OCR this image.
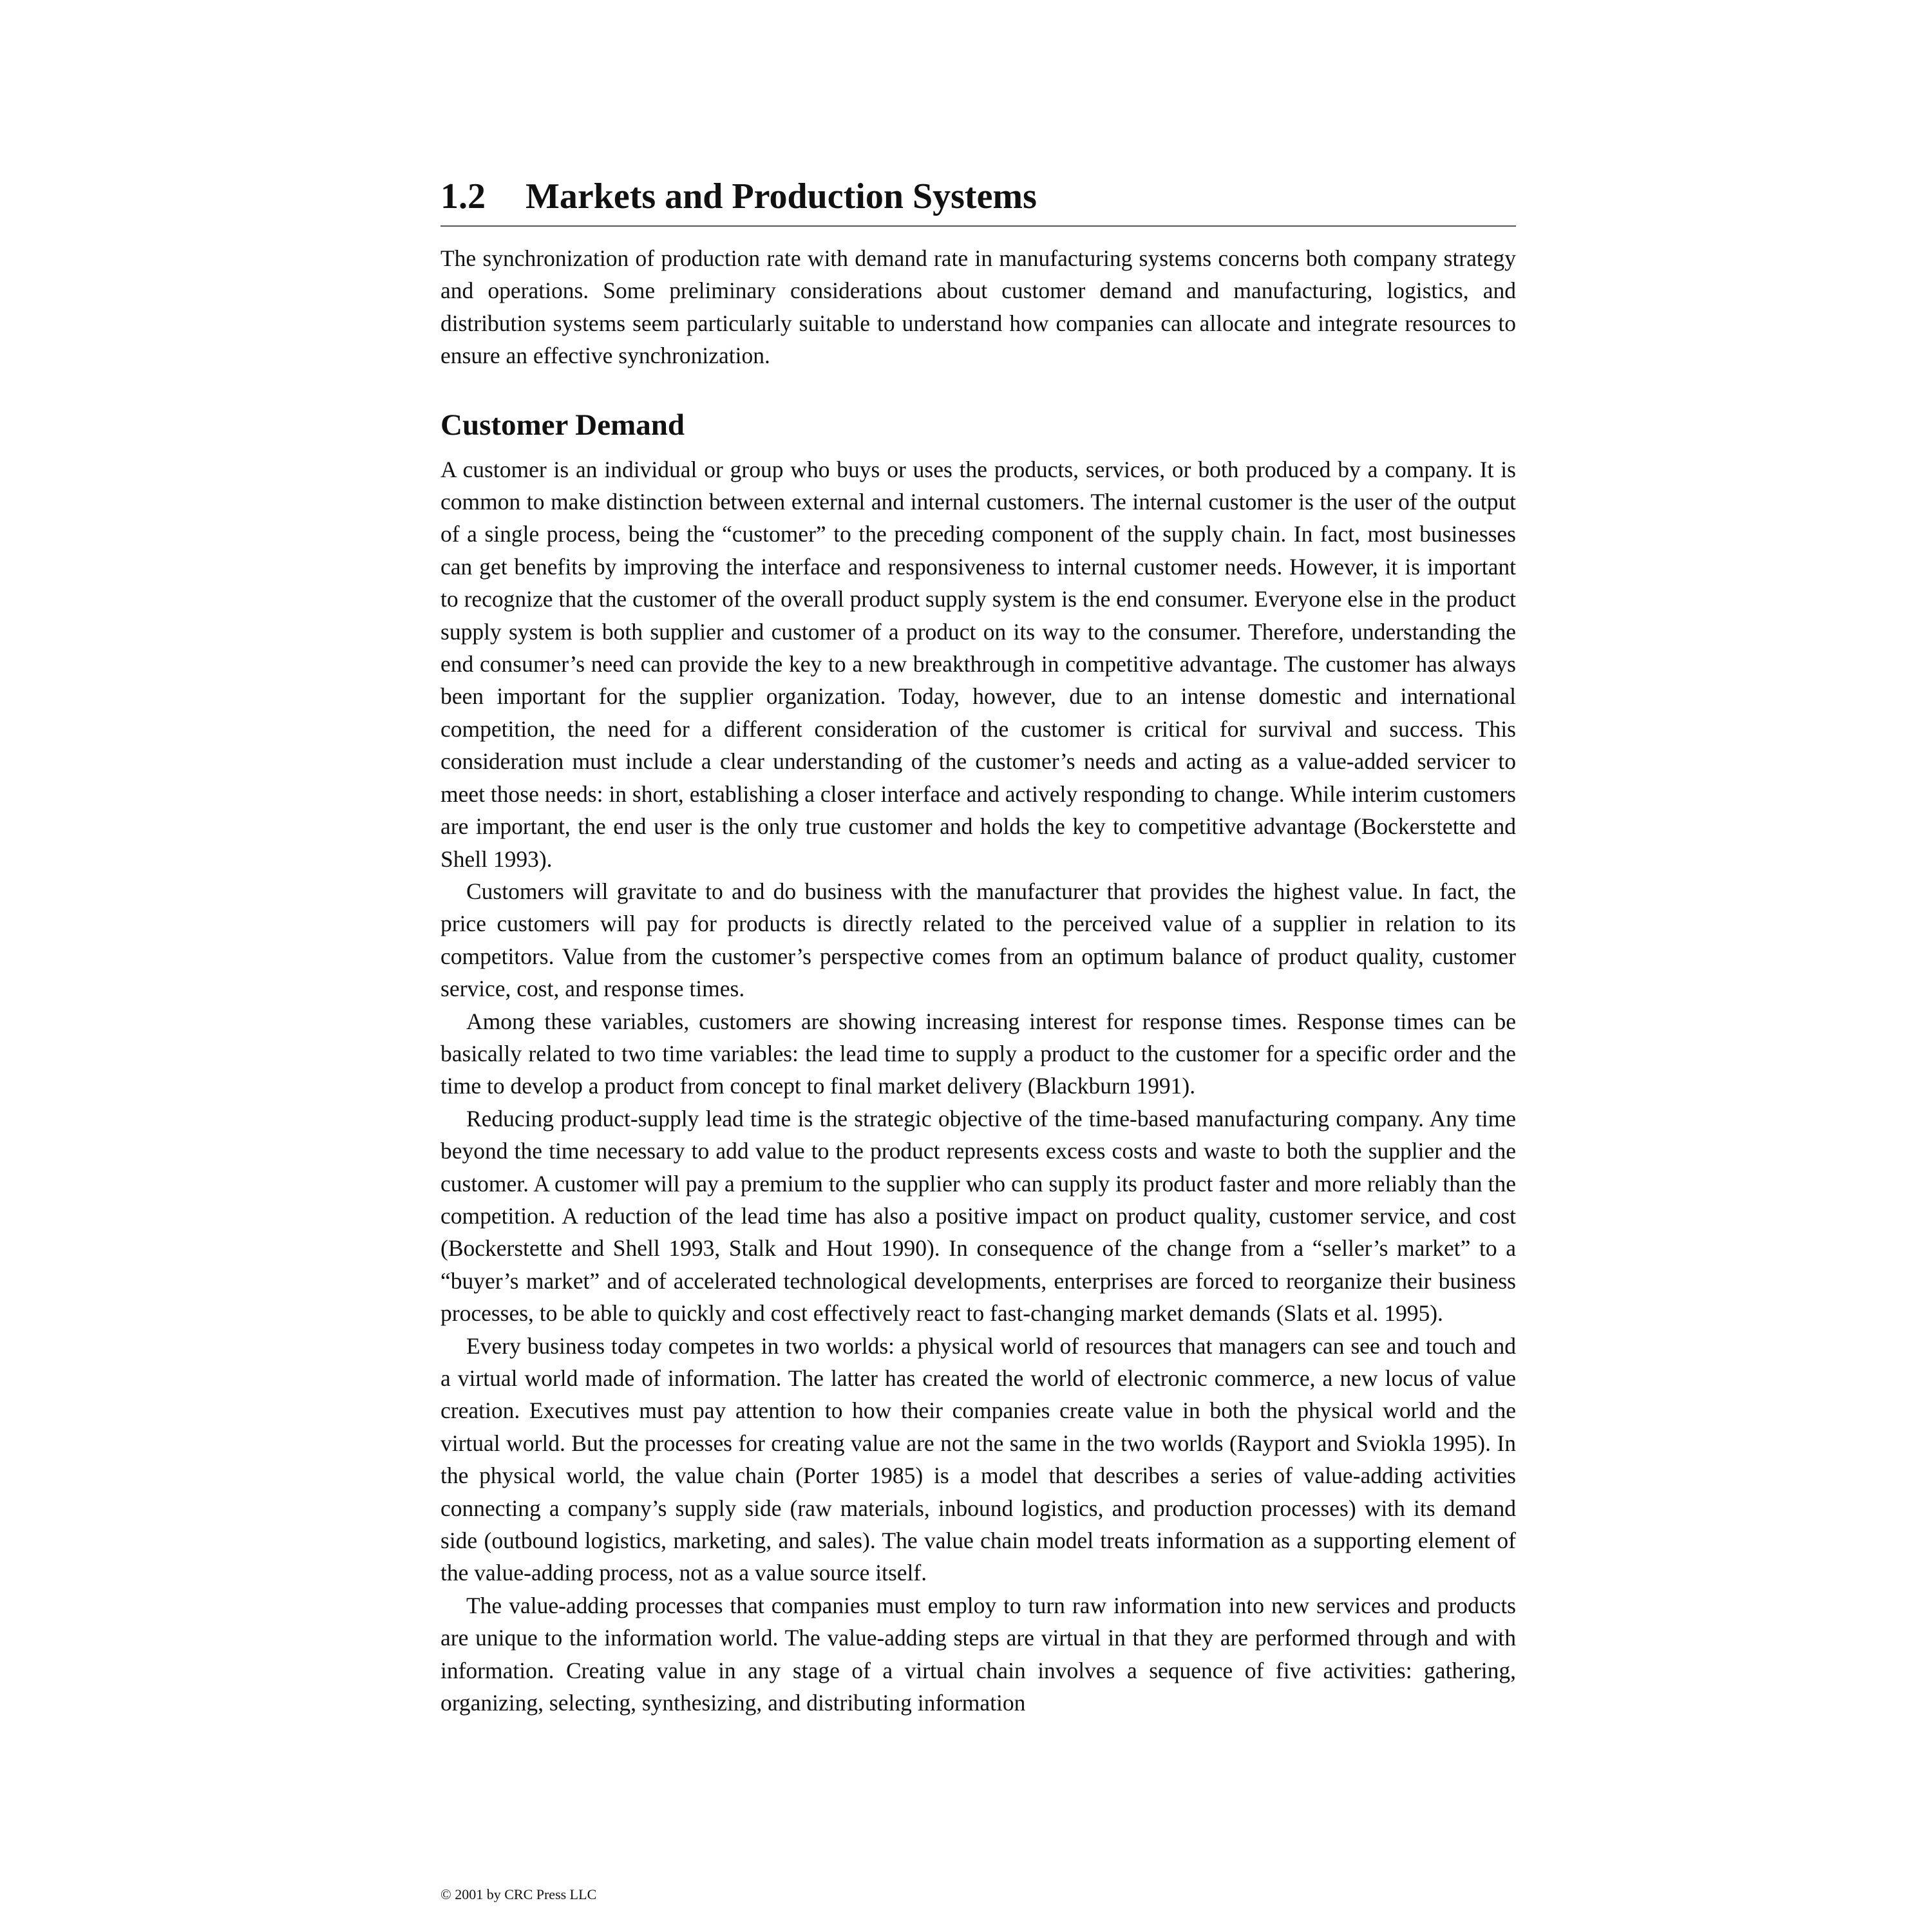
1.2	Markets and Production Systems

The synchronization of production rate with demand rate in manufacturing systems concerns both company strategy and operations. Some preliminary considerations about customer demand and manufacturing, logistics, and distribution systems seem particularly suitable to understand how companies can allocate and integrate resources to ensure an effective synchronization.

Customer Demand

A customer is an individual or group who buys or uses the products, services, or both produced by a company. It is common to make distinction between external and internal customers. The internal customer is the user of the output of a single process, being the “customer” to the preceding component of the supply chain. In fact, most businesses can get benefits by improving the interface and responsiveness to internal customer needs. However, it is important to recognize that the customer of the overall product supply system is the end consumer. Everyone else in the product supply system is both supplier and customer of a product on its way to the consumer. Therefore, understanding the end consumer’s need can provide the key to a new breakthrough in competitive advantage. The customer has always been important for the supplier organization. Today, however, due to an intense domestic and international competition, the need for a different consideration of the customer is critical for survival and success. This consideration must include a clear understanding of the customer’s needs and acting as a value-added servicer to meet those needs: in short, establishing a closer interface and actively responding to change. While interim customers are important, the end user is the only true customer and holds the key to competitive advantage (Bockerstette and Shell 1993).

Customers will gravitate to and do business with the manufacturer that provides the highest value. In fact, the price customers will pay for products is directly related to the perceived value of a supplier in relation to its competitors. Value from the customer’s perspective comes from an optimum balance of product quality, customer service, cost, and response times.

Among these variables, customers are showing increasing interest for response times. Response times can be basically related to two time variables: the lead time to supply a product to the customer for a specific order and the time to develop a product from concept to final market delivery (Blackburn 1991).

Reducing product-supply lead time is the strategic objective of the time-based manufacturing company. Any time beyond the time necessary to add value to the product represents excess costs and waste to both the supplier and the customer. A customer will pay a premium to the supplier who can supply its product faster and more reliably than the competition. A reduction of the lead time has also a positive impact on product quality, customer service, and cost (Bockerstette and Shell 1993, Stalk and Hout 1990). In consequence of the change from a “seller’s market” to a “buyer’s market” and of accelerated technological developments, enterprises are forced to reorganize their business processes, to be able to quickly and cost effectively react to fast-changing market demands (Slats et al. 1995).

Every business today competes in two worlds: a physical world of resources that managers can see and touch and a virtual world made of information. The latter has created the world of electronic commerce, a new locus of value creation. Executives must pay attention to how their companies create value in both the physical world and the virtual world. But the processes for creating value are not the same in the two worlds (Rayport and Sviokla 1995). In the physical world, the value chain (Porter 1985) is a model that describes a series of value-adding activities connecting a company’s supply side (raw materials, inbound logistics, and production processes) with its demand side (outbound logistics, marketing, and sales). The value chain model treats information as a supporting element of the value-adding process, not as a value source itself.

The value-adding processes that companies must employ to turn raw information into new services and products are unique to the information world. The value-adding steps are virtual in that they are performed through and with information. Creating value in any stage of a virtual chain involves a sequence of five activities: gathering, organizing, selecting, synthesizing, and distributing information

© 2001 by CRC Press LLC
